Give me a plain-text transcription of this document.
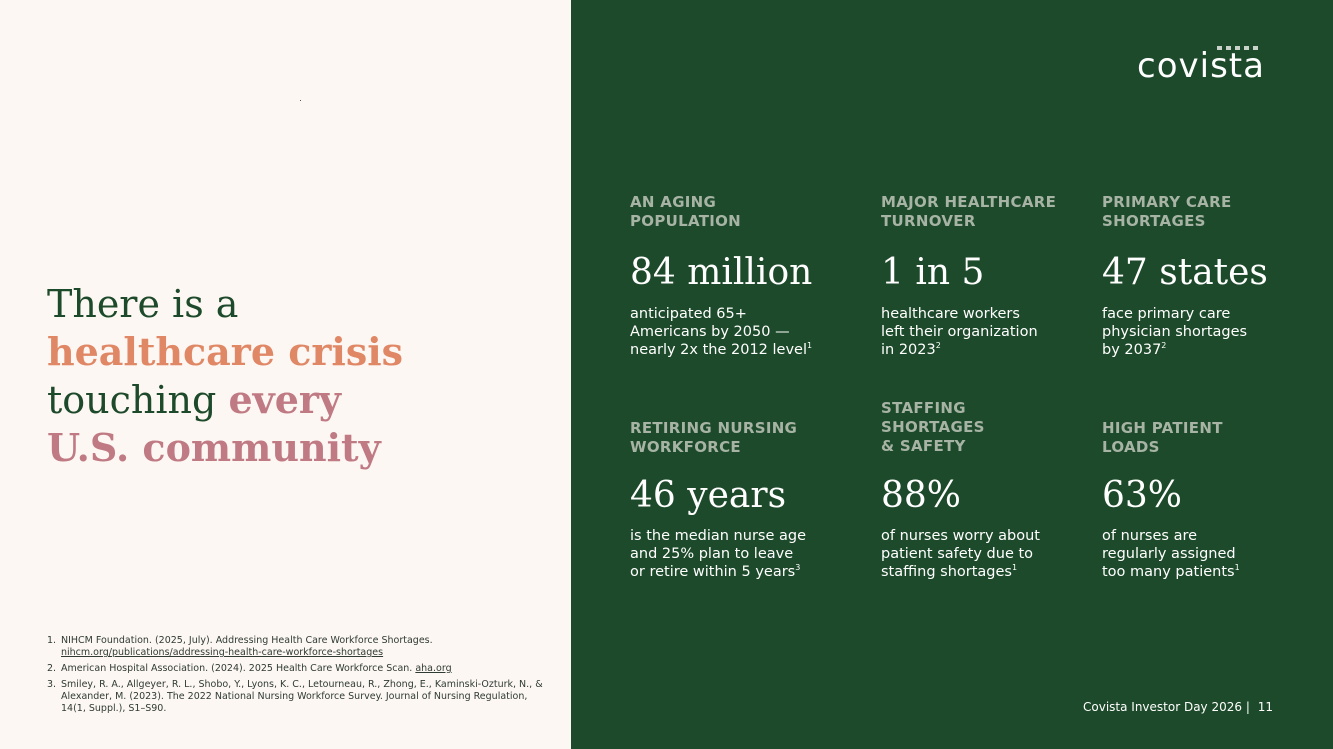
There is a
healthcare crisis
touching every
U.S. community
1. NIHCM Foundation. (2025, July). Addressing Health Care Workforce Shortages.
nihcm.org/publications/addressing-health-care-workforce-shortages
2. American Hospital Association. (2024). 2025 Health Care Workforce Scan. aha.org
3. Smiley, R. A., Allgeyer, R. L., Shobo, Y., Lyons, K. C., Letourneau, R., Zhong, E., Kaminski-Ozturk, N., & Alexander, M. (2023). The 2022 National Nursing Workforce Survey. Journal of Nursing Regulation, 14(1, Suppl.), S1–S90.
covista
AN AGING
POPULATION
84 million
anticipated 65+
Americans by 2050 —
nearly 2x the 2012 level$^1$
MAJOR HEALTHCARE
TURNOVER
1 in 5
healthcare workers
left their organization
in 2023$^2$
PRIMARY CARE
SHORTAGES
47 states
face primary care
physician shortages
by 2037$^2$
RETIRING NURSING
WORKFORCE
46 years
is the median nurse age
and 25% plan to leave
or retire within 5 years$^3$
STAFFING
SHORTAGES
& SAFETY
88%
of nurses worry about
patient safety due to
staffing shortages$^1$
HIGH PATIENT
LOADS
63%
of nurses are
regularly assigned
too many patients$^1$
Covista Investor Day 2026 | 11
